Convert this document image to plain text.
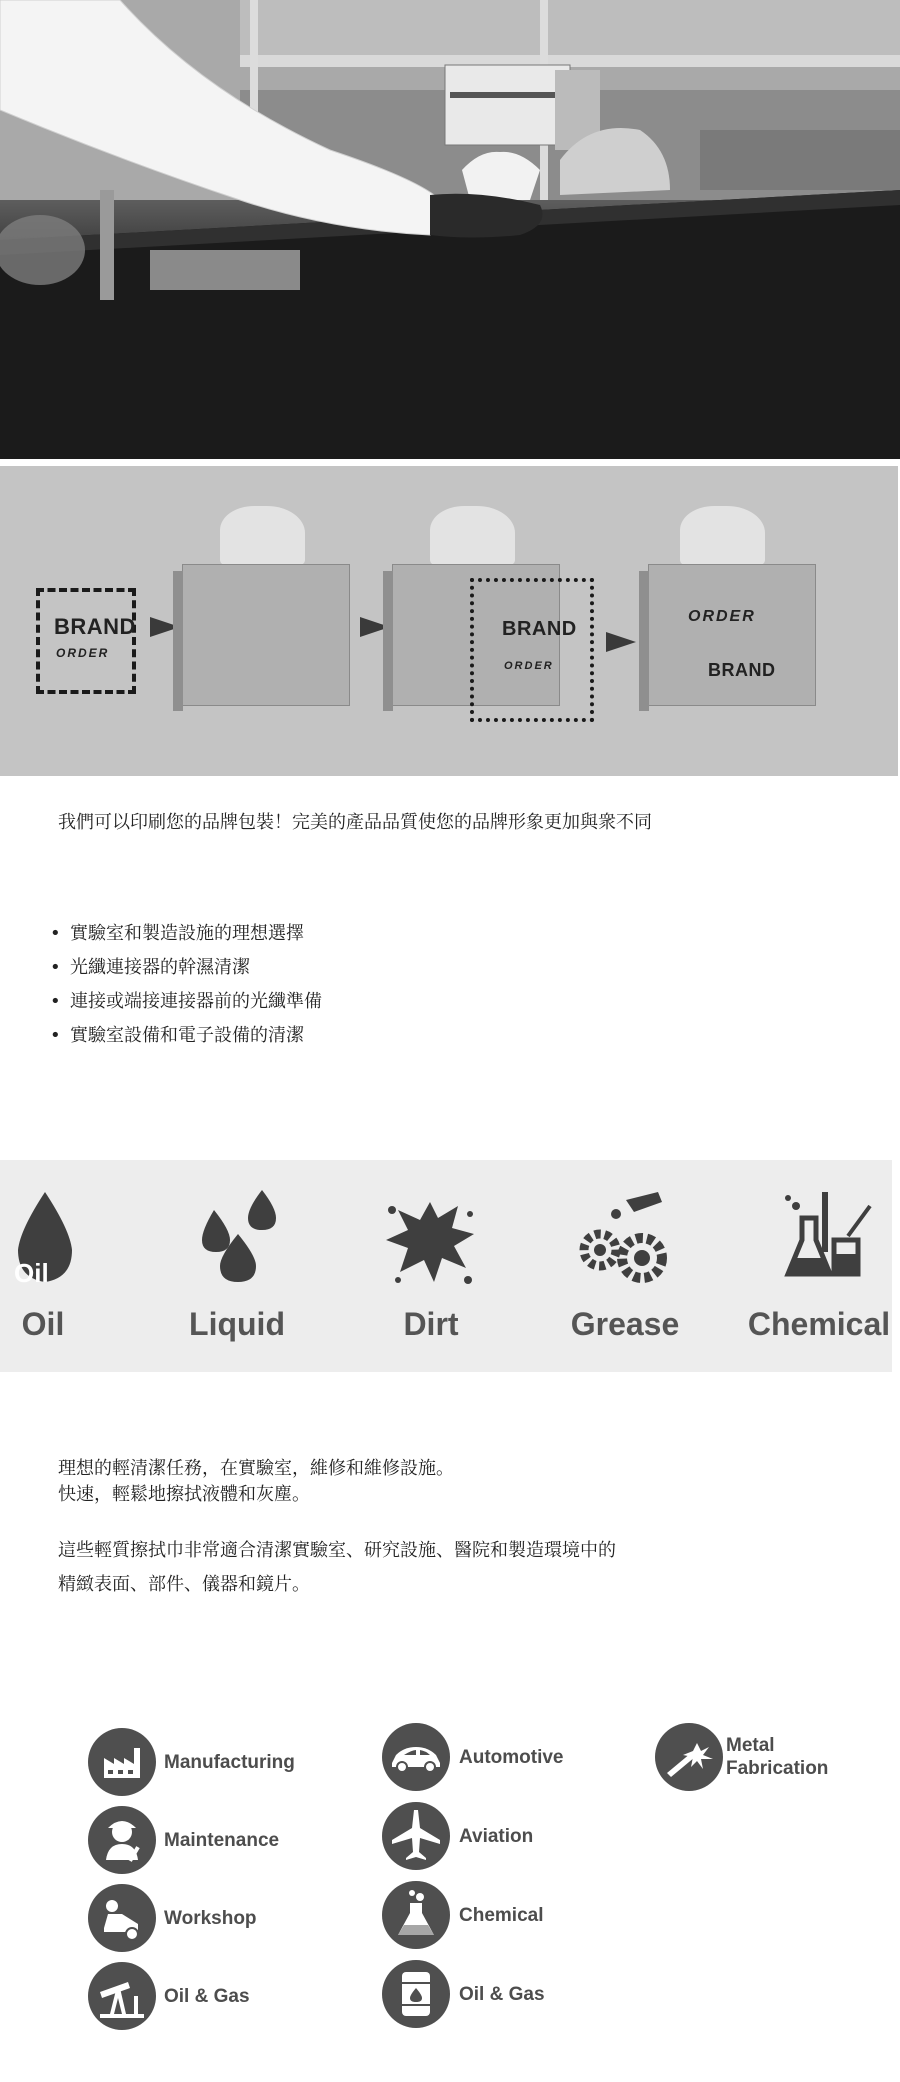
BRAND
ORDER
BRAND
ORDER
ORDER
BRAND
我們可以印刷您的品牌包裝！完美的產品品質使您的品牌形象更加與衆不同
• 實驗室和製造設施的理想選擇
• 光纖連接器的幹濕清潔
• 連接或端接連接器前的光纖準備
• 實驗室設備和電子設備的清潔
Oil
Oil	Liquid	Dirt	Grease	Chemical
理想的輕清潔任務，在實驗室，維修和維修設施。
快速，輕鬆地擦拭液體和灰塵。
這些輕質擦拭巾非常適合清潔實驗室、研究設施、醫院和製造環境中的
精緻表面、部件、儀器和鏡片。
Manufacturing
Maintenance
Workshop
Oil & Gas
Automotive
Aviation
Chemical
Oil & Gas
Metal
Fabrication
